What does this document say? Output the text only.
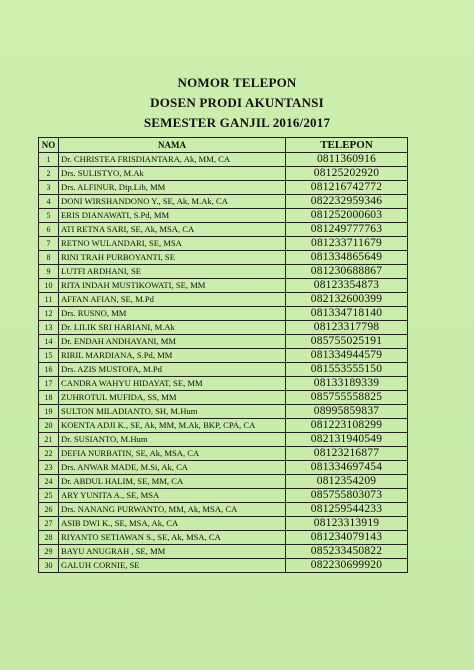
NOMOR TELEPON
DOSEN PRODI AKUNTANSI
SEMESTER GANJIL 2016/2017
NO	NAMA	TELEPON
1	Dr. CHRISTEA FRISDIANTARA, Ak, MM, CA	0811360916
2	Drs. SULISTYO, M.Ak	08125202920
3	Drs. ALFINUR, Dip.Lib, MM	081216742772
4	DONI WIRSHANDONO Y., SE, Ak, M.Ak, CA	082232959346
5	ERIS DIANAWATI, S.Pd, MM	081252000603
6	ATI RETNA SARI, SE, Ak, MSA, CA	081249777763
7	RETNO WULANDARI, SE, MSA	081233711679
8	RINI TRAH PURBOYANTI, SE	081334865649
9	LUTFI ARDHANI, SE	081230688867
10	RITA INDAH MUSTIKOWATI, SE, MM	08123354873
11	AFFAN AFIAN, SE, M.Pd	082132600399
12	Drs. RUSNO, MM	081334718140
13	Dr. LILIK SRI HARIANI, M.Ak	08123317798
14	Dr. ENDAH ANDHAYANI, MM	085755025191
15	RIRIL MARDIANA, S.Pd, MM	081334944579
16	Drs. AZIS MUSTOFA, M.Pd	081553555150
17	CANDRA WAHYU HIDAYAT, SE, MM	08133189339
18	ZUHROTUL MUFIDA, SS, MM	085755558825
19	SULTON MILADIANTO, SH, M.Hum	08995859837
20	KOENTA ADJI K., SE, Ak, MM, M.Ak, BKP, CPA, CA	081223108299
21	Dr. SUSIANTO, M.Hum	082131940549
22	DEFIA NURBATIN, SE, Ak, MSA, CA	08123216877
23	Drs. ANWAR MADE, M.Si, Ak, CA	081334697454
24	Dr. ABDUL HALIM, SE, MM, CA	0812354209
25	ARY YUNITA A., SE, MSA	085755803073
26	Drs. NANANG PURWANTO, MM, Ak, MSA, CA	081259544233
27	ASIB DWI K., SE, MSA, Ak, CA	08123313919
28	RIYANTO SETIAWAN S., SE, Ak, MSA, CA	081234079143
29	BAYU ANUGRAH , SE, MM	085233450822
30	GALUH CORNIE, SE	082230699920
